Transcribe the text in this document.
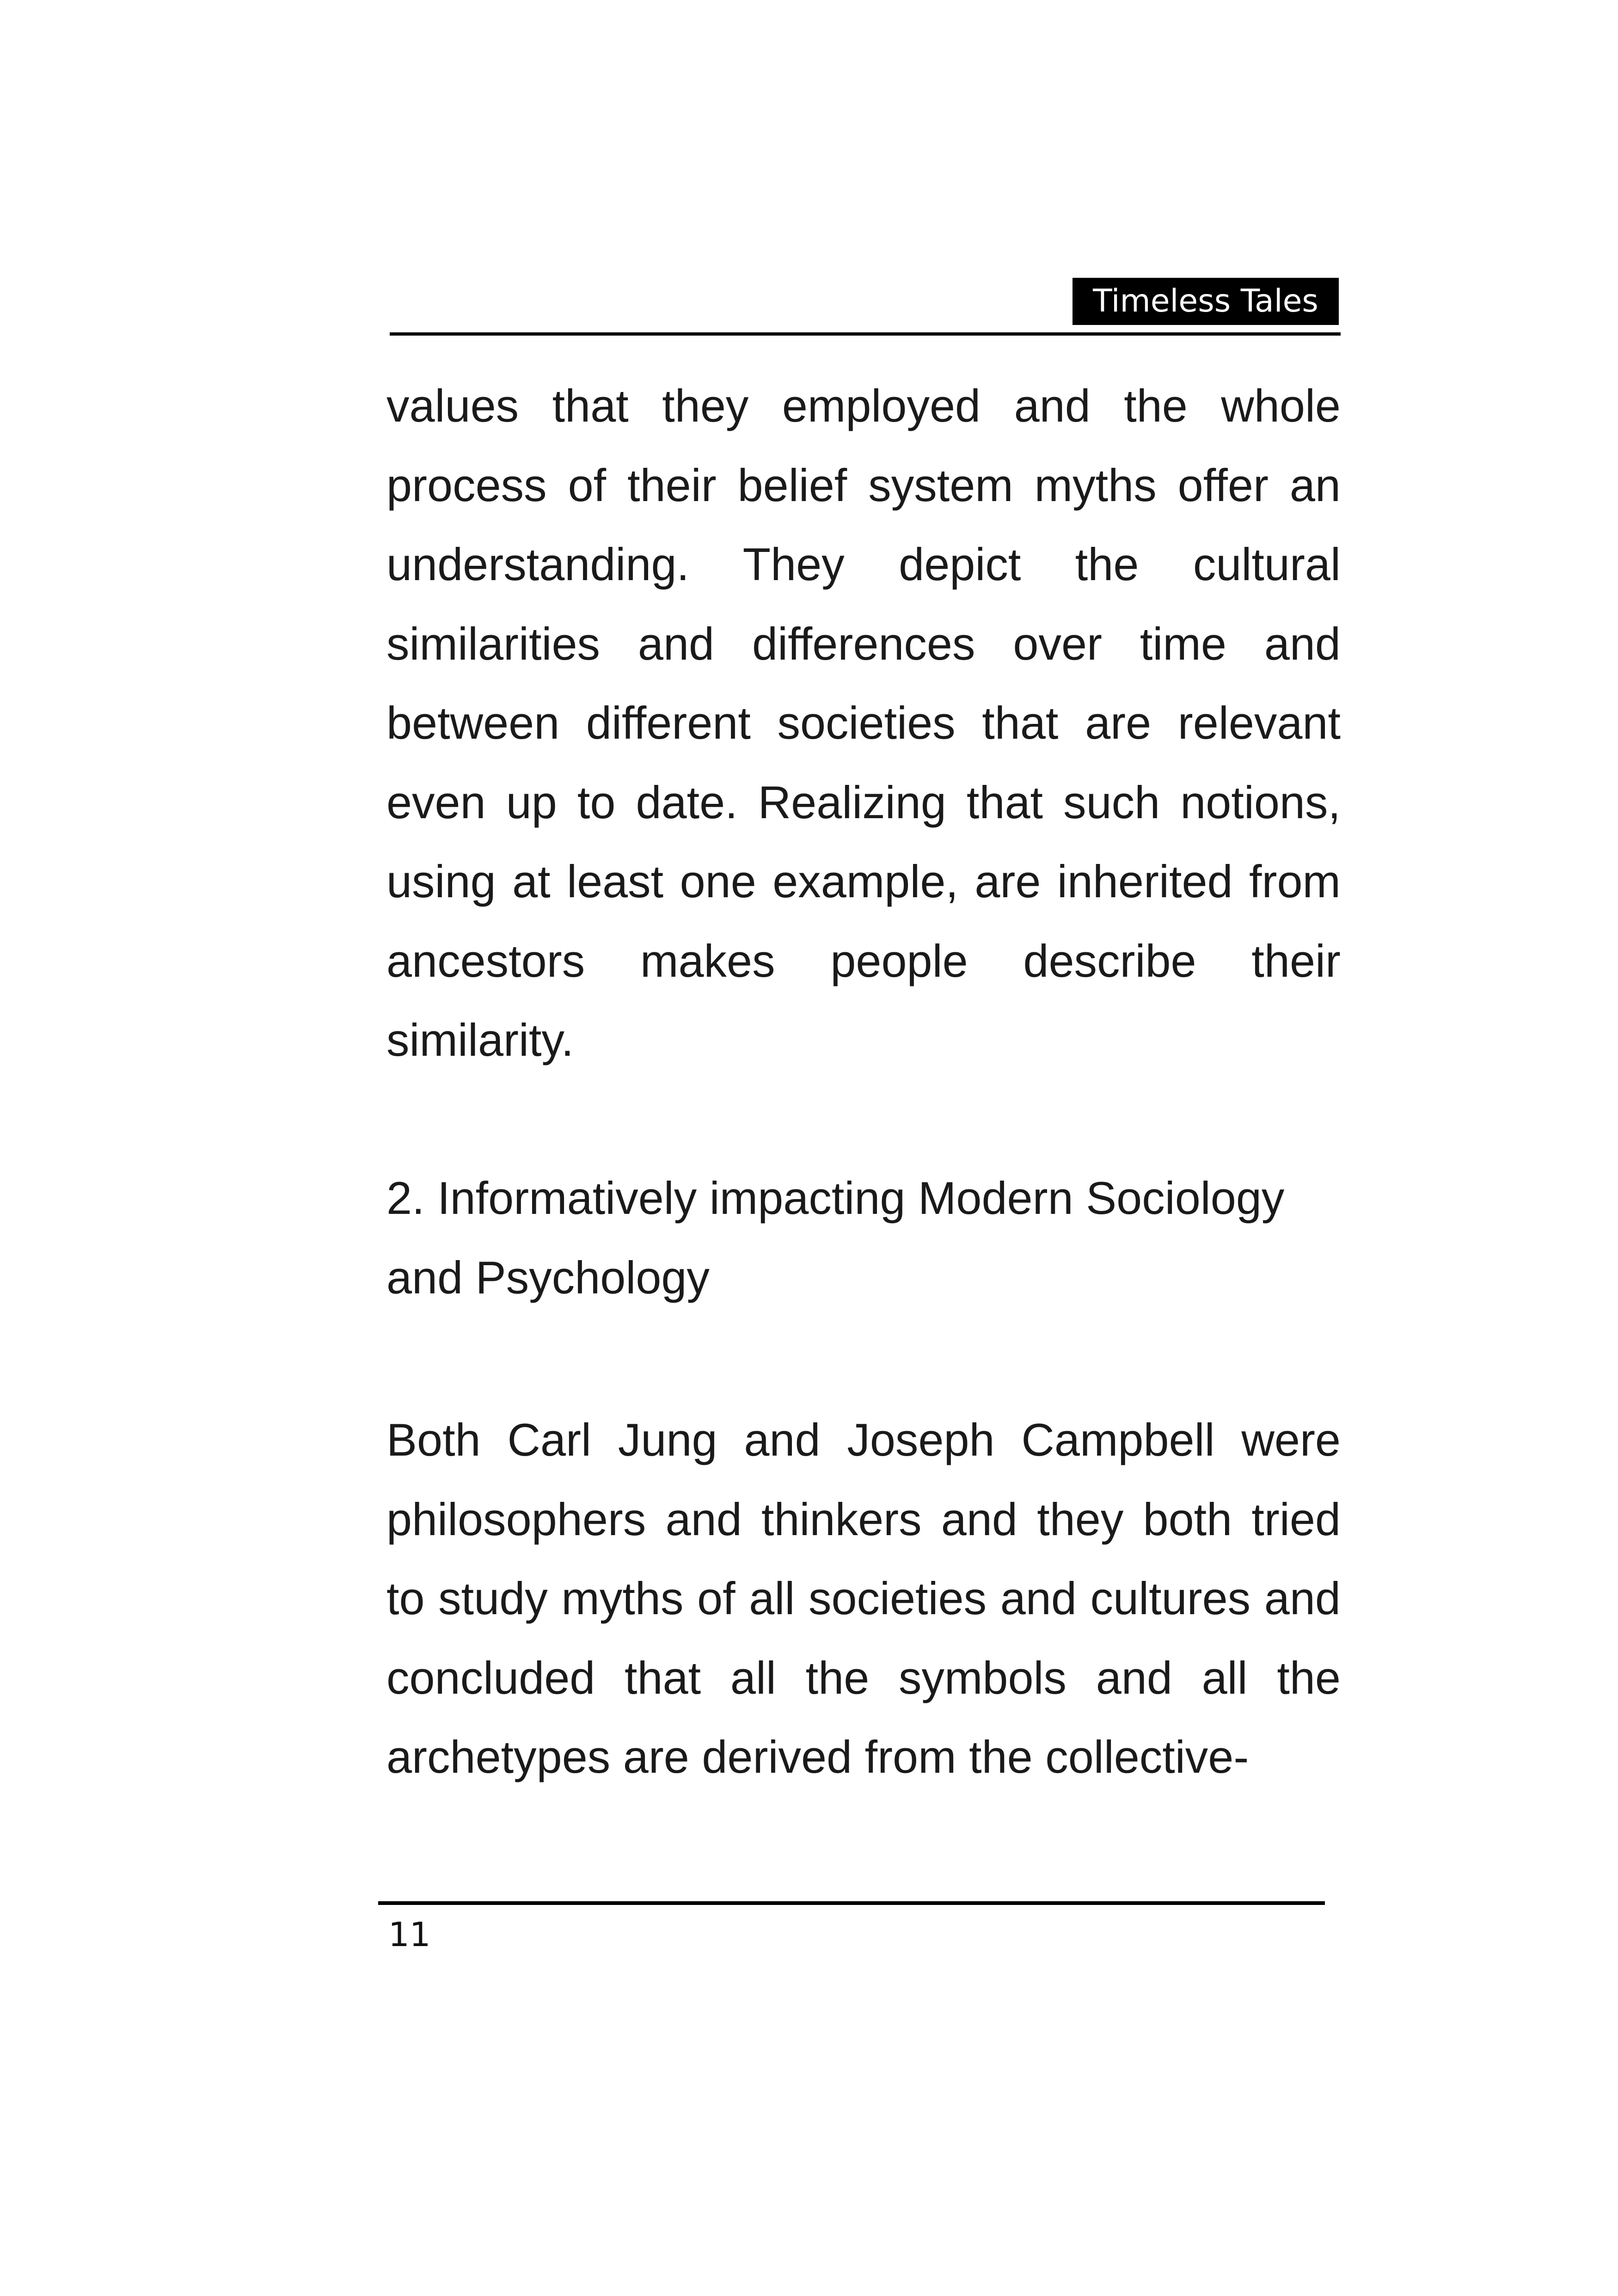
Timeless Tales

values that they employed and the whole process of their belief system myths offer an understanding. They depict the cultural similarities and differences over time and between different societies that are relevant even up to date. Realizing that such notions, using at least one example, are inherited from ancestors makes people describe their similarity.

2. Informatively impacting Modern Sociology and Psychology

Both Carl Jung and Joseph Campbell were philosophers and thinkers and they both tried to study myths of all societies and cultures and concluded that all the symbols and all the archetypes are derived from the collective-

11
